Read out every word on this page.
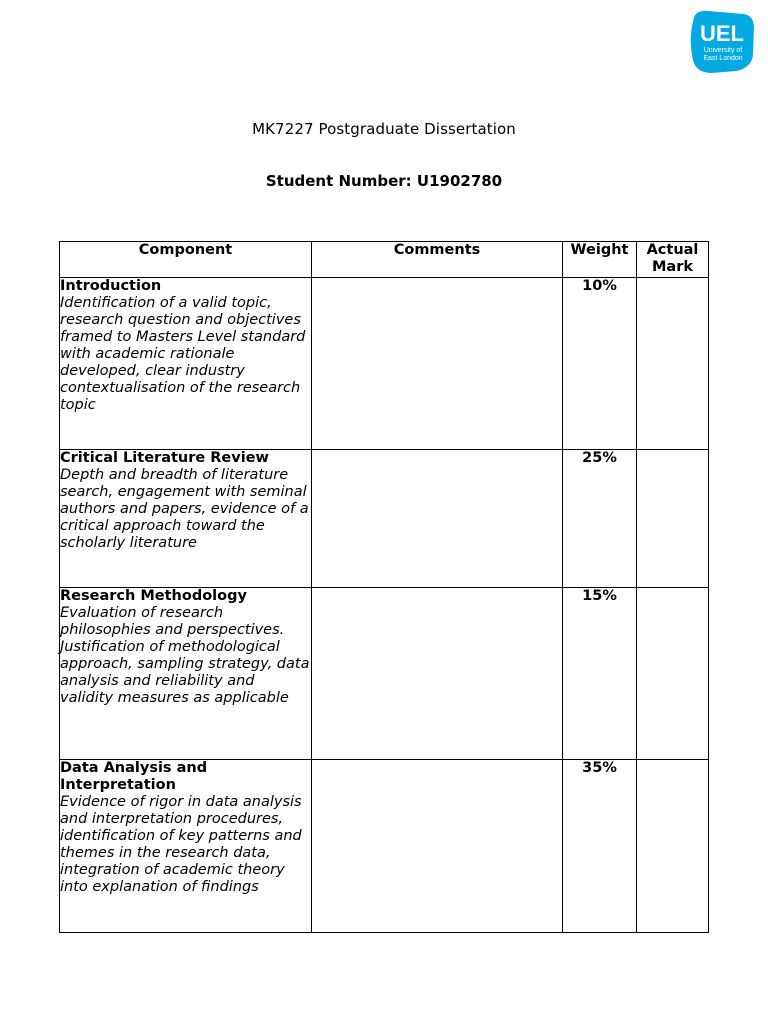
UEL
University of
East London
MK7227 Postgraduate Dissertation
Student Number: U1902780
Component	Comments	Weight	Actual Mark

Introduction
Identification of a valid topic, research question and objectives framed to Masters Level standard with academic rationale developed, clear industry contextualisation of the research topic		10%	

Critical Literature Review
Depth and breadth of literature search, engagement with seminal authors and papers, evidence of a critical approach toward the scholarly literature		25%	

Research Methodology
Evaluation of research philosophies and perspectives. Justification of methodological approach, sampling strategy, data analysis and reliability and validity measures as applicable		15%	

Data Analysis and Interpretation
Evidence of rigor in data analysis and interpretation procedures, identification of key patterns and themes in the research data, integration of academic theory into explanation of findings		35%	
